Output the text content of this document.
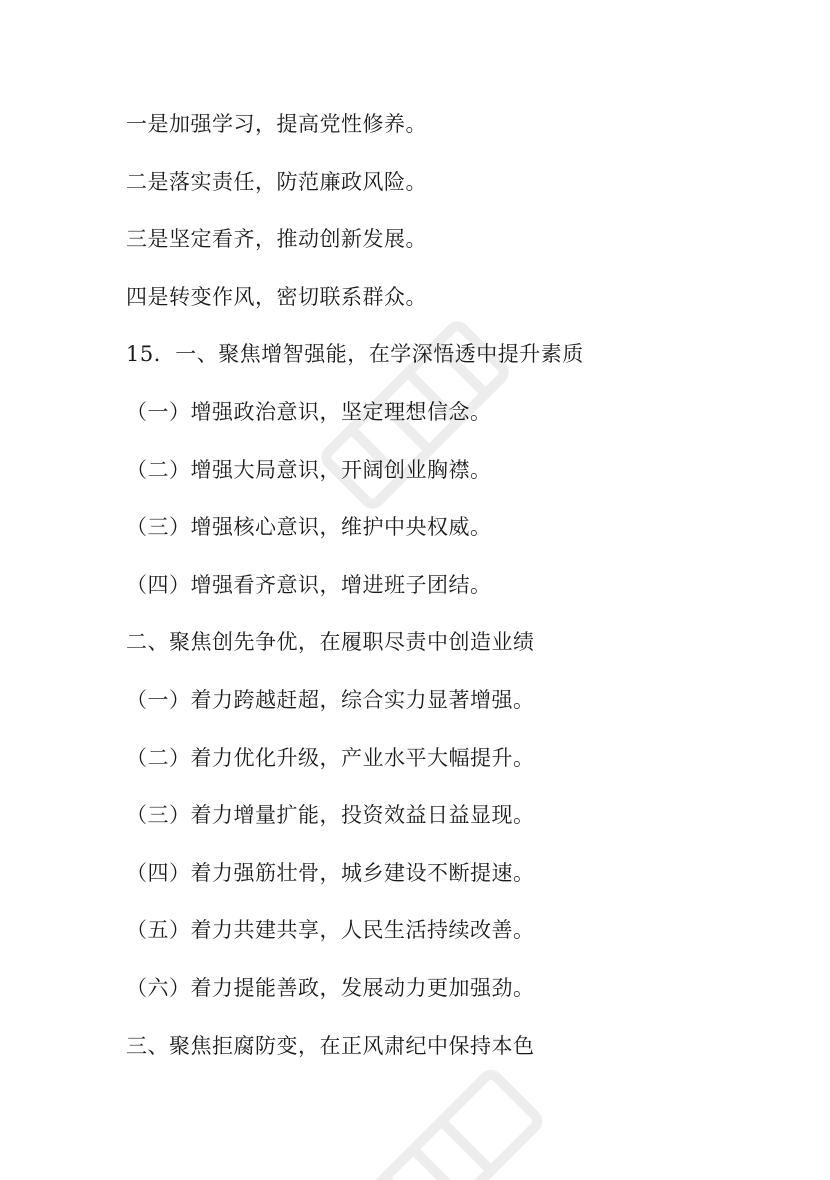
一是加强学习，提高党性修养。
二是落实责任，防范廉政风险。
三是坚定看齐，推动创新发展。
四是转变作风，密切联系群众。
15．一、聚焦增智强能，在学深悟透中提升素质
（一）增强政治意识，坚定理想信念。
（二）增强大局意识，开阔创业胸襟。
（三）增强核心意识，维护中央权威。
（四）增强看齐意识，增进班子团结。
二、聚焦创先争优，在履职尽责中创造业绩
（一）着力跨越赶超，综合实力显著增强。
（二）着力优化升级，产业水平大幅提升。
（三）着力增量扩能，投资效益日益显现。
（四）着力强筋壮骨，城乡建设不断提速。
（五）着力共建共享，人民生活持续改善。
（六）着力提能善政，发展动力更加强劲。
三、聚焦拒腐防变，在正风肃纪中保持本色
